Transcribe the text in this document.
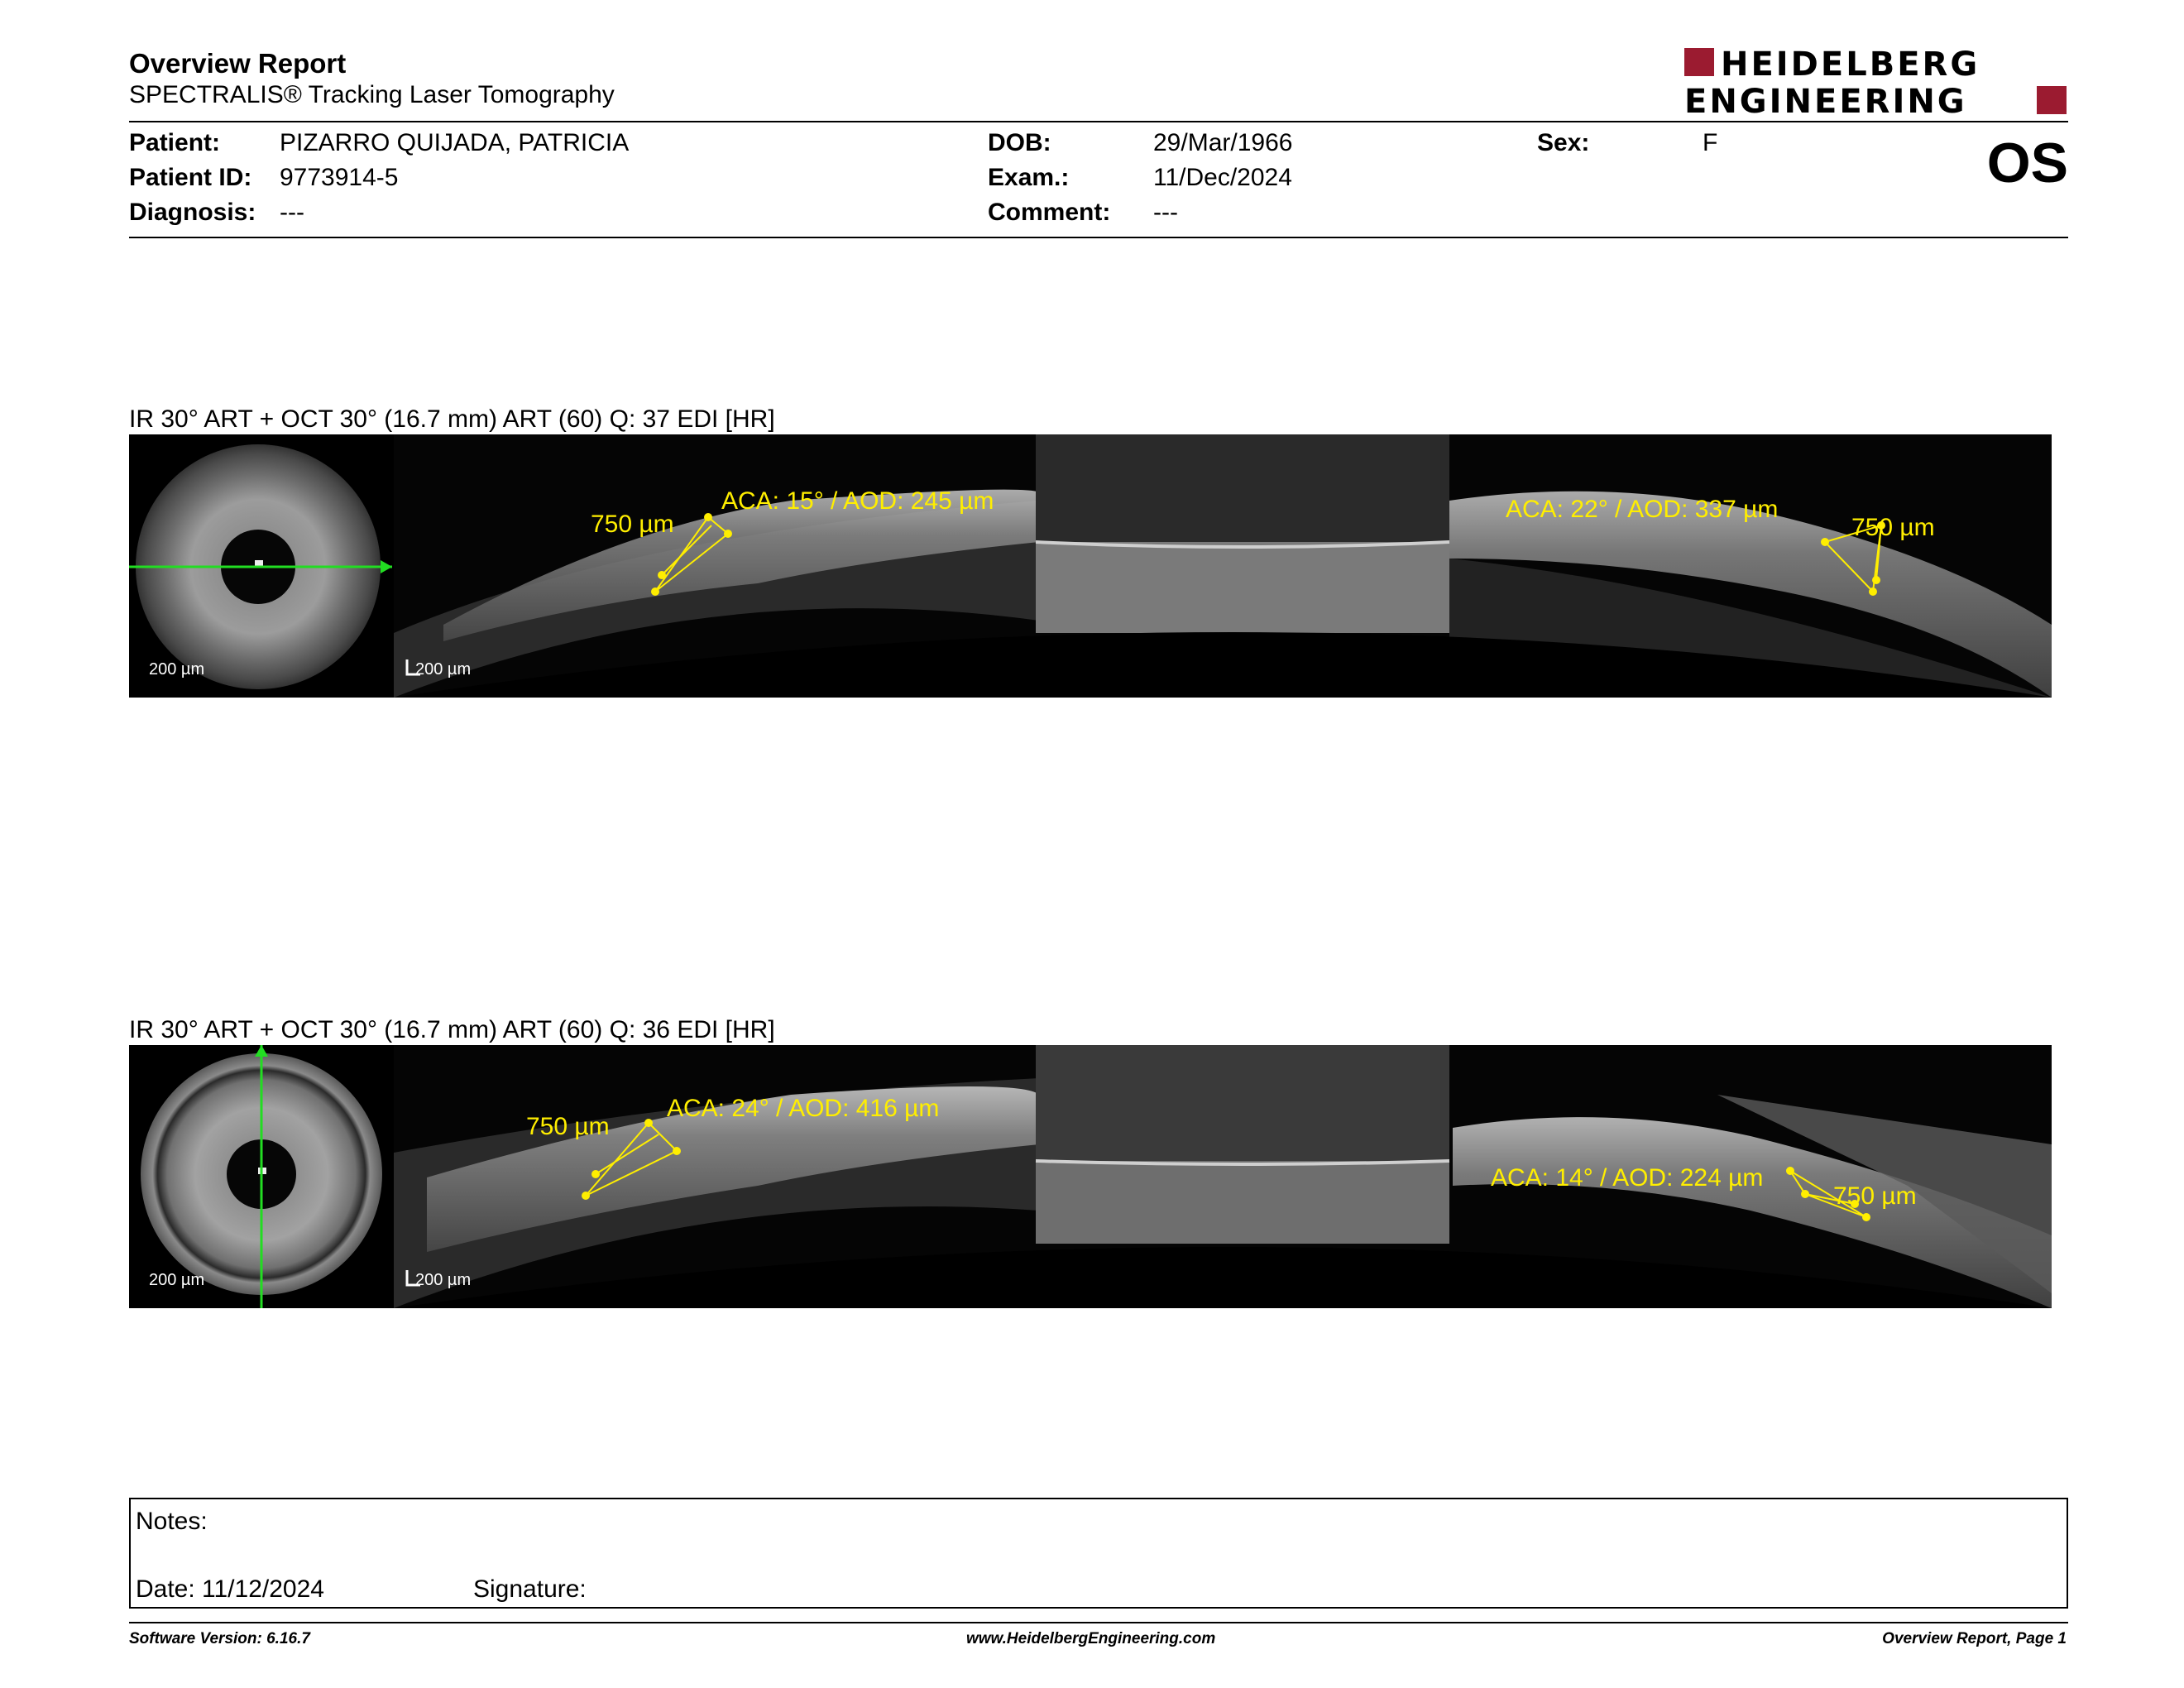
Overview Report
SPECTRALIS® Tracking Laser Tomography
HEIDELBERG
ENGINEERING
Patient: PIZARRO QUIJADA, PATRICIA
Patient ID: 9773914-5
Diagnosis: ---
DOB:	29/Mar/1966
Exam.:	11/Dec/2024
Comment: ---
Sex:	F	OS
IR 30° ART + OCT 30° (16.7 mm) ART (60) Q: 37 EDI [HR]
200 µm	200 µm
ACA: 15° / AOD: 245 µm
750 µm
ACA: 22° / AOD: 337 µm
750 µm
IR 30° ART + OCT 30° (16.7 mm) ART (60) Q: 36 EDI [HR]
200 µm	200 µm
ACA: 24° / AOD: 416 µm
750 µm
ACA: 14° / AOD: 224 µm
750 µm
Notes:
Date: 11/12/2024	Signature:
Software Version: 6.16.7	www.HeidelbergEngineering.com	Overview Report, Page 1
